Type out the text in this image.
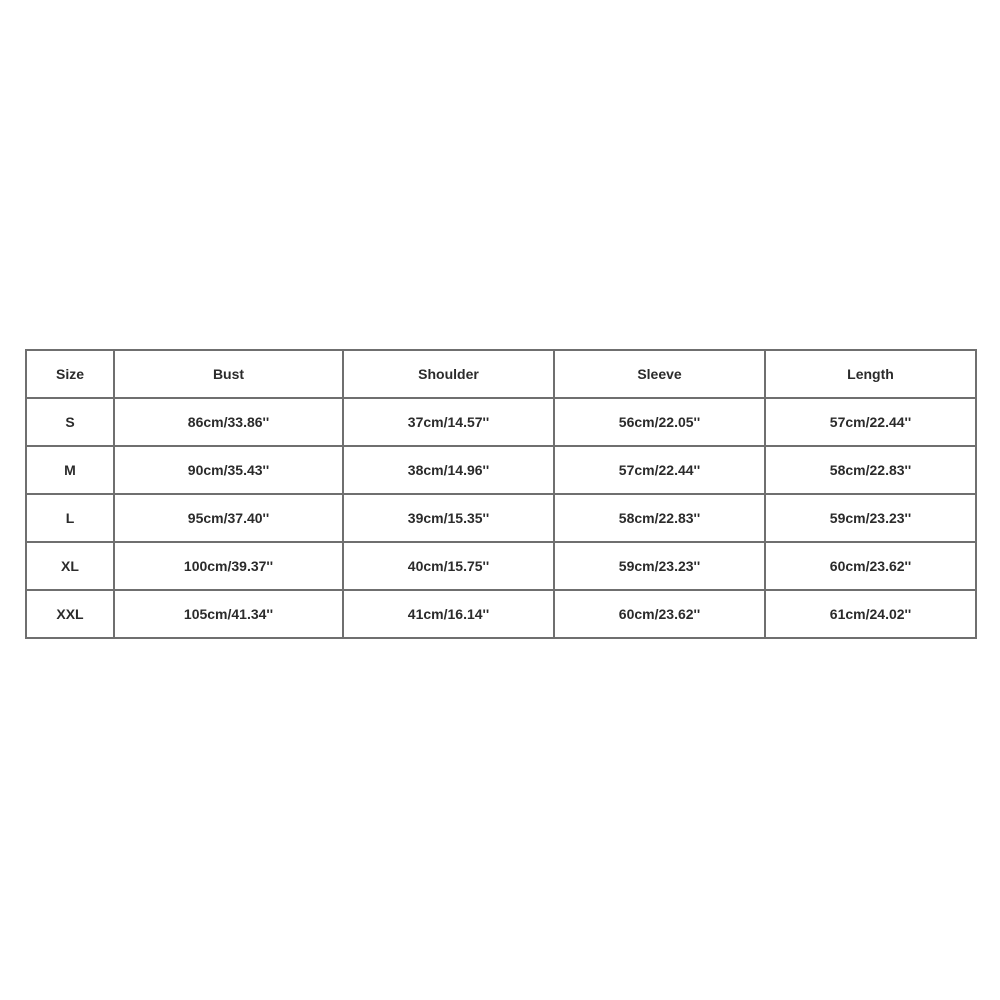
Size	Bust	Shoulder	Sleeve	Length
S	86cm/33.86''	37cm/14.57''	56cm/22.05''	57cm/22.44''
M	90cm/35.43''	38cm/14.96''	57cm/22.44''	58cm/22.83''
L	95cm/37.40''	39cm/15.35''	58cm/22.83''	59cm/23.23''
XL	100cm/39.37''	40cm/15.75''	59cm/23.23''	60cm/23.62''
XXL	105cm/41.34''	41cm/16.14''	60cm/23.62''	61cm/24.02''
